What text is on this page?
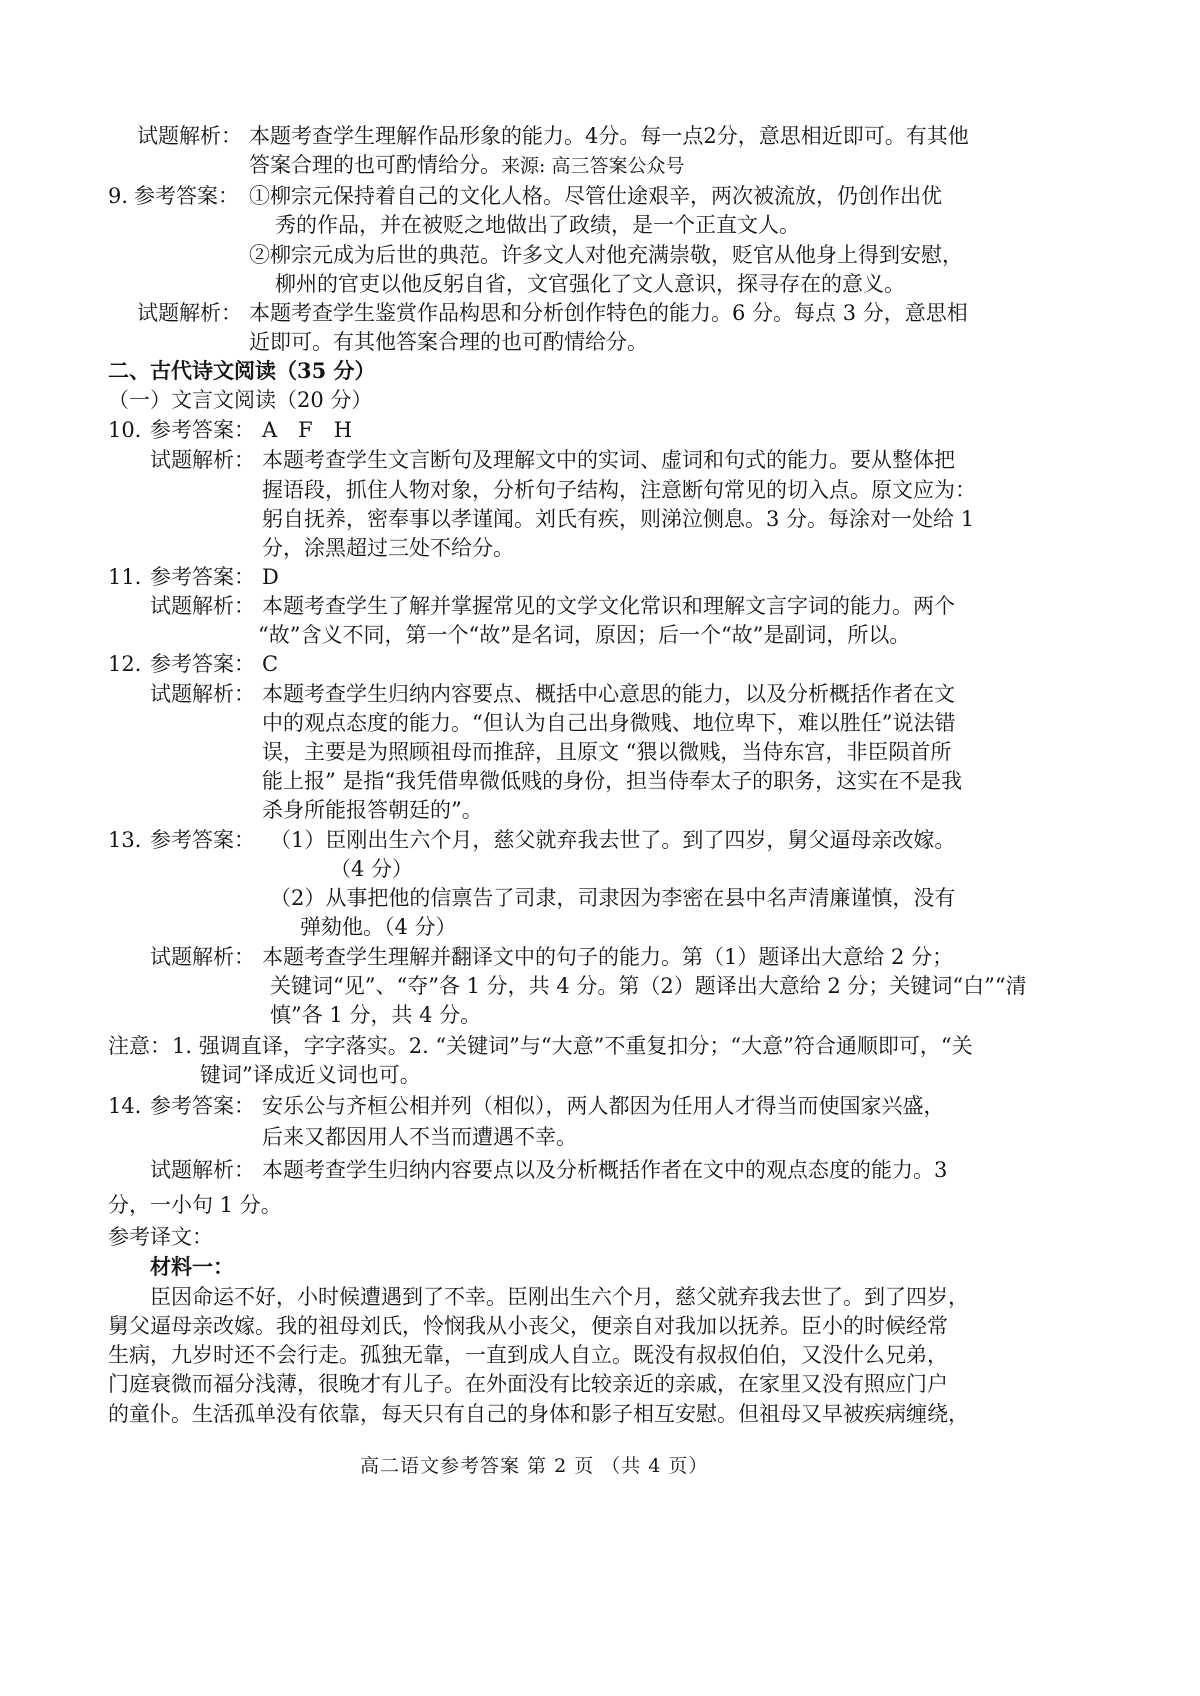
试题解析： 本题考查学生理解作品形象的能力。4分。每一点2分，意思相近即可。有其他
答案合理的也可酌情给分。来源: 高三答案公众号
9．
参考答案： ①柳宗元保持着自己的文化人格。尽管仕途艰辛，两次被流放，仍创作出优
秀的作品，并在被贬之地做出了政绩，是一个正直文人。
②柳宗元成为后世的典范。许多文人对他充满崇敬，贬官从他身上得到安慰，
柳州的官吏以他反躬自省，文官强化了文人意识，探寻存在的意义。
试题解析： 本题考查学生鉴赏作品构思和分析创作特色的能力。6 分。每点 3 分，意思相
近即可。有其他答案合理的也可酌情给分。
二、古代诗文阅读（35 分）
（一）文言文阅读（20 分）
10．
参考答案： A　F　H
试题解析： 本题考查学生文言断句及理解文中的实词、虚词和句式的能力。要从整体把
握语段，抓住人物对象，分析句子结构，注意断句常见的切入点。原文应为：
躬自抚养，密奉事以孝谨闻。刘氏有疾，则涕泣侧息。3 分。每涂对一处给 1
分，涂黑超过三处不给分。
11．
参考答案： D
试题解析： 本题考查学生了解并掌握常见的文学文化常识和理解文言字词的能力。两个
“故”含义不同，第一个“故”是名词，原因；后一个“故”是副词，所以。
12．
参考答案： C
试题解析： 本题考查学生归纳内容要点、概括中心意思的能力，以及分析概括作者在文
中的观点态度的能力。“但认为自己出身微贱、地位卑下，难以胜任”说法错
误，主要是为照顾祖母而推辞，且原文 “猥以微贱，当侍东宫，非臣陨首所
能上报” 是指“我凭借卑微低贱的身份，担当侍奉太子的职务，这实在不是我
杀身所能报答朝廷的”。
13．
参考答案： （1）臣刚出生六个月，慈父就弃我去世了。到了四岁，舅父逼母亲改嫁。
（4 分）
（2）从事把他的信禀告了司隶，司隶因为李密在县中名声清廉谨慎，没有
弹劾他。（4 分）
试题解析： 本题考查学生理解并翻译文中的句子的能力。第（1）题译出大意给 2 分；
关键词“见”、“夺”各 1 分，共 4 分。第（2）题译出大意给 2 分；关键词“白”“清
慎”各 1 分，共 4 分。
注意： 1. 强调直译，字字落实。2. “关键词”与“大意”不重复扣分；“大意”符合通顺即可，“关
键词”译成近义词也可。
14．
参考答案： 安乐公与齐桓公相并列（相似），两人都因为任用人才得当而使国家兴盛，
后来又都因用人不当而遭遇不幸。
试题解析： 本题考查学生归纳内容要点以及分析概括作者在文中的观点态度的能力。3
分，一小句 1 分。
参考译文：
材料一：
臣因命运不好，小时候遭遇到了不幸。臣刚出生六个月，慈父就弃我去世了。到了四岁，
舅父逼母亲改嫁。我的祖母刘氏，怜悯我从小丧父，便亲自对我加以抚养。臣小的时候经常
生病，九岁时还不会行走。孤独无靠，一直到成人自立。既没有叔叔伯伯，又没什么兄弟，
门庭衰微而福分浅薄，很晚才有儿子。在外面没有比较亲近的亲戚，在家里又没有照应门户
的童仆。生活孤单没有依靠，每天只有自己的身体和影子相互安慰。但祖母又早被疾病缠绕，
高二语文参考答案 第 2 页 （共 4 页）
